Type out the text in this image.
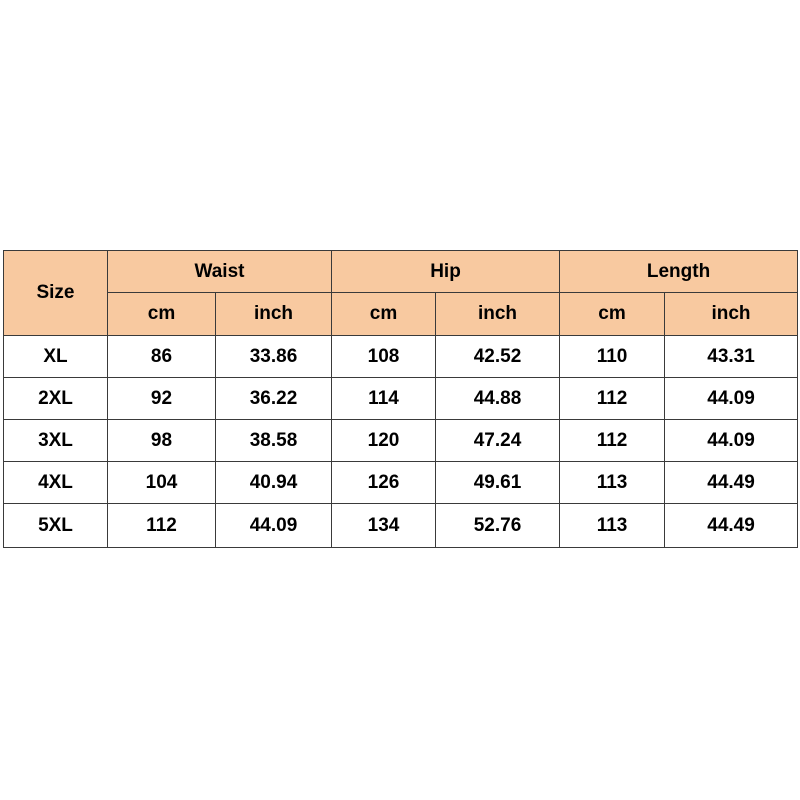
Size	Waist		Hip		Length	
	cm	inch	cm	inch	cm	inch
XL	86	33.86	108	42.52	110	43.31
2XL	92	36.22	114	44.88	112	44.09
3XL	98	38.58	120	47.24	112	44.09
4XL	104	40.94	126	49.61	113	44.49
5XL	112	44.09	134	52.76	113	44.49
